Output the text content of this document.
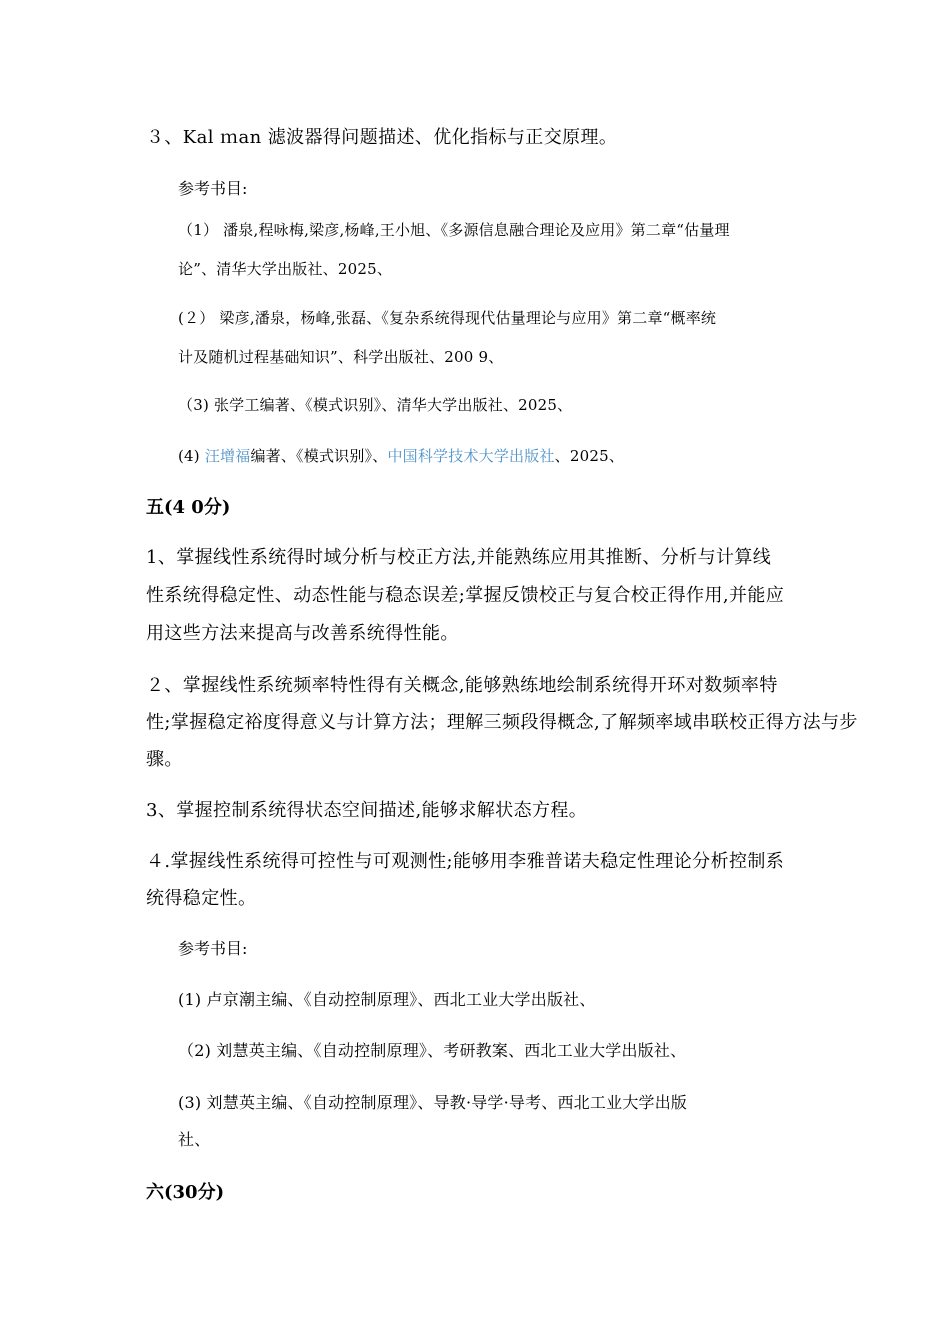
３、Kal ｍan 滤波器得问题描述、优化指标与正交原理。
参考书目:
（1） 潘泉,程咏梅,梁彦,杨峰,王小旭、《多源信息融合理论及应用》第二章“估量理
论”、清华大学出版社、2025、
(２） 梁彦,潘泉，杨峰,张磊、《复杂系统得现代估量理论与应用》第二章“概率统
计及随机过程基础知识”、科学出版社、200 9、
（3) 张学工编著、《模式识别》、清华大学出版社、2025、
(4) 汪增福编著、《模式识别》、中国科学技术大学出版社、2025、
五(4 0分)
1、掌握线性系统得时域分析与校正方法,并能熟练应用其推断、分析与计算线
性系统得稳定性、动态性能与稳态误差;掌握反馈校正与复合校正得作用,并能应
用这些方法来提高与改善系统得性能。
２、掌握线性系统频率特性得有关概念,能够熟练地绘制系统得开环对数频率特
性;掌握稳定裕度得意义与计算方法；理解三频段得概念,了解频率域串联校正得方法与步
骤。
3、掌握控制系统得状态空间描述,能够求解状态方程。
４.掌握线性系统得可控性与可观测性;能够用李雅普诺夫稳定性理论分析控制系
统得稳定性。
参考书目:
(1) 卢京潮主编、《自动控制原理》、西北工业大学出版社、
（2) 刘慧英主编、《自动控制原理》、考研教案、西北工业大学出版社、
(3) 刘慧英主编、《自动控制原理》、导教·导学·导考、西北工业大学出版
社、
六(30分)
